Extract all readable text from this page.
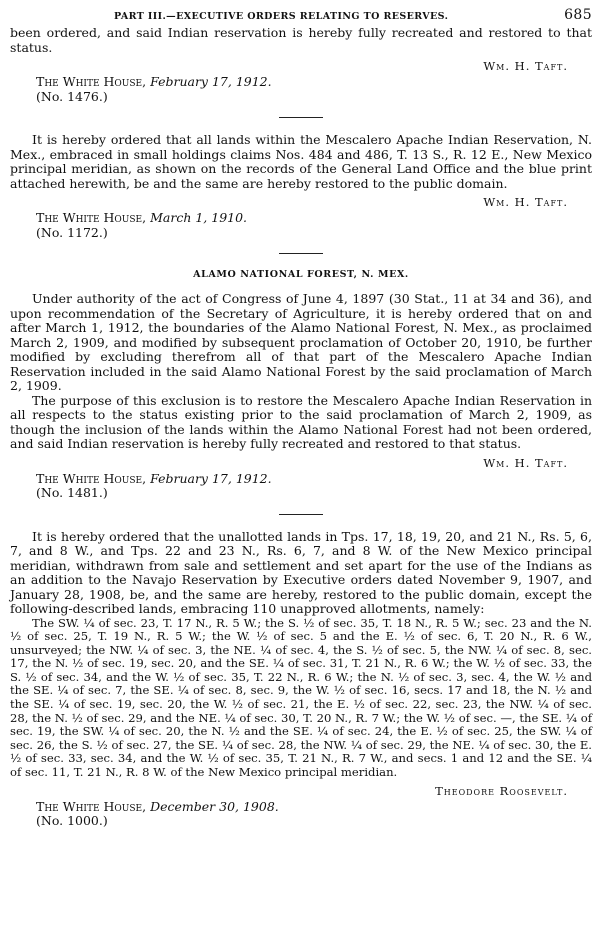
PART III.—EXECUTIVE ORDERS RELATING TO RESERVES.	685

been ordered, and said Indian reservation is hereby fully recreated and restored to that status.

Wm. H. Taft.
The White House, February 17, 1912.
(No. 1476.)

It is hereby ordered that all lands within the Mescalero Apache Indian Reservation, N. Mex., embraced in small holdings claims Nos. 484 and 486, T. 13 S., R. 12 E., New Mexico principal meridian, as shown on the records of the General Land Office and the blue print attached herewith, be and the same are hereby restored to the public domain.

Wm. H. Taft.
The White House, March 1, 1910.
(No. 1172.)
ALAMO NATIONAL FOREST, N. MEX.

Under authority of the act of Congress of June 4, 1897 (30 Stat., 11 at 34 and 36), and upon recommendation of the Secretary of Agriculture, it is hereby ordered that on and after March 1, 1912, the boundaries of the Alamo National Forest, N. Mex., as proclaimed March 2, 1909, and modified by subsequent proclamation of October 20, 1910, be further modified by excluding therefrom all of that part of the Mescalero Apache Indian Reservation included in the said Alamo National Forest by the said proclamation of March 2, 1909.

The purpose of this exclusion is to restore the Mescalero Apache Indian Reservation in all respects to the status existing prior to the said proclamation of March 2, 1909, as though the inclusion of the lands within the Alamo National Forest had not been ordered, and said Indian reservation is hereby fully recreated and restored to that status.

Wm. H. Taft.
The White House, February 17, 1912.
(No. 1481.)

It is hereby ordered that the unallotted lands in Tps. 17, 18, 19, 20, and 21 N., Rs. 5, 6, 7, and 8 W., and Tps. 22 and 23 N., Rs. 6, 7, and 8 W. of the New Mexico principal meridian, withdrawn from sale and settlement and set apart for the use of the Indians as an addition to the Navajo Reservation by Executive orders dated November 9, 1907, and January 28, 1908, be, and the same are hereby, restored to the public domain, except the following-described lands, embracing 110 unapproved allotments, namely:

The SW. ¼ of sec. 23, T. 17 N., R. 5 W.; the S. ½ of sec. 35, T. 18 N., R. 5 W.; sec. 23 and the N. ½ of sec. 25, T. 19 N., R. 5 W.; the W. ½ of sec. 5 and the E. ½ of sec. 6, T. 20 N., R. 6 W., unsurveyed; the NW. ¼ of sec. 3, the NE. ¼ of sec. 4, the S. ½ of sec. 5, the NW. ¼ of sec. 8, sec. 17, the N. ½ of sec. 19, sec. 20, and the SE. ¼ of sec. 31, T. 21 N., R. 6 W.; the W. ½ of sec. 33, the S. ½ of sec. 34, and the W. ½ of sec. 35, T. 22 N., R. 6 W.; the N. ½ of sec. 3, sec. 4, the W. ½ and the SE. ¼ of sec. 7, the SE. ¼ of sec. 8, sec. 9, the W. ½ of sec. 16, secs. 17 and 18, the N. ½ and the SE. ¼ of sec. 19, sec. 20, the W. ½ of sec. 21, the E. ½ of sec. 22, sec. 23, the NW. ¼ of sec. 28, the N. ½ of sec. 29, and the NE. ¼ of sec. 30, T. 20 N., R. 7 W.; the W. ½ of sec. —, the SE. ¼ of sec. 19, the SW. ¼ of sec. 20, the N. ½ and the SE. ¼ of sec. 24, the E. ½ of sec. 25, the SW. ¼ of sec. 26, the S. ½ of sec. 27, the SE. ¼ of sec. 28, the NW. ¼ of sec. 29, the NE. ¼ of sec. 30, the E. ½ of sec. 33, sec. 34, and the W. ½ of sec. 35, T. 21 N., R. 7 W., and secs. 1 and 12 and the SE. ¼ of sec. 11, T. 21 N., R. 8 W. of the New Mexico principal meridian.

Theodore Roosevelt.
The White House, December 30, 1908.
(No. 1000.)
